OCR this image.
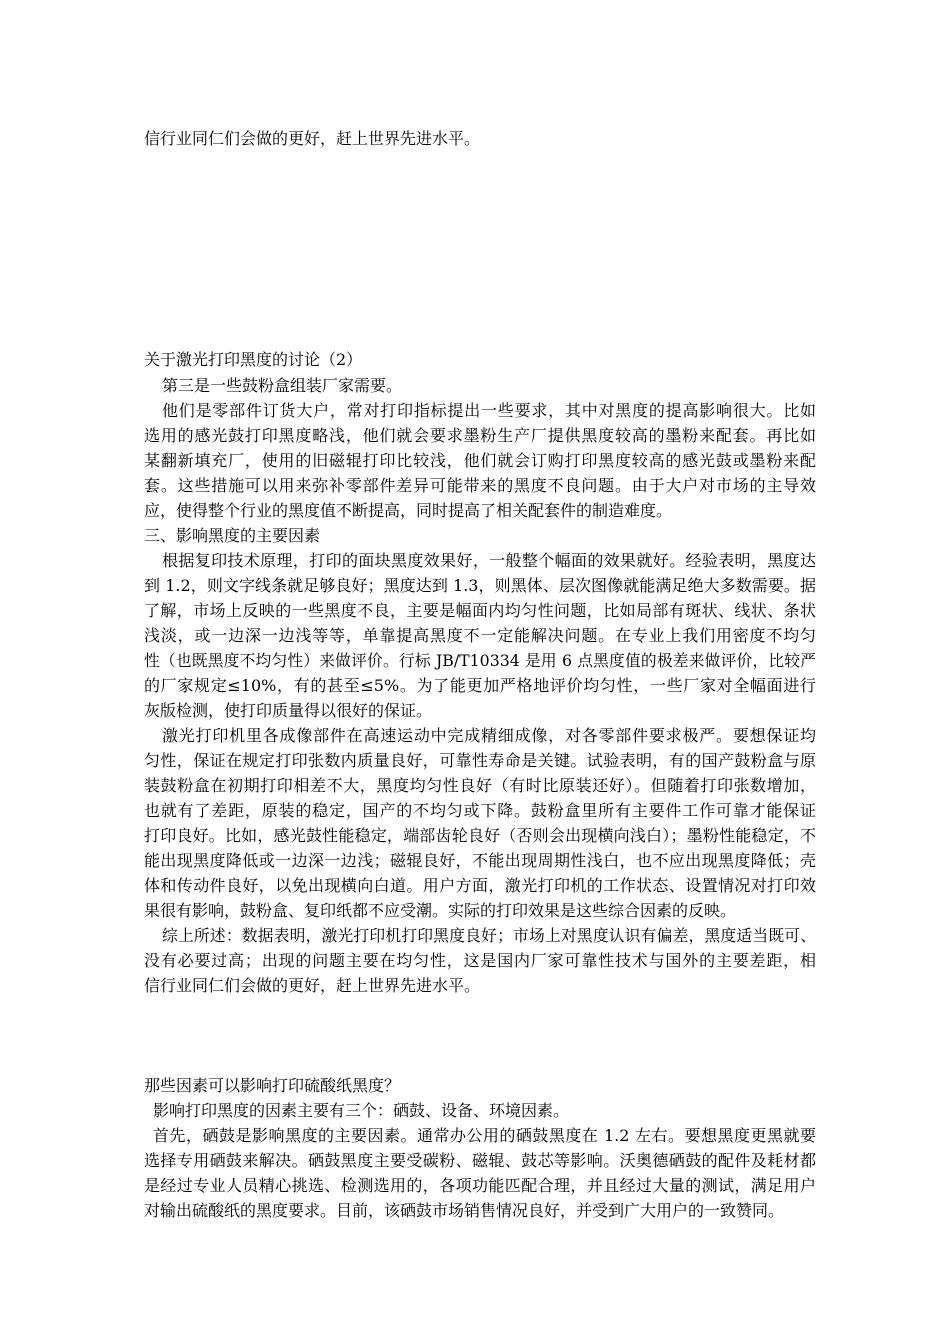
信行业同仁们会做的更好，赶上世界先进水平。
关于激光打印黑度的讨论（2）
第三是一些鼓粉盒组装厂家需要。
他们是零部件订货大户，常对打印指标提出一些要求，其中对黑度的提高影响很大。比如
选用的感光鼓打印黑度略浅，他们就会要求墨粉生产厂提供黑度较高的墨粉来配套。再比如
某翻新填充厂，使用的旧磁辊打印比较浅，他们就会订购打印黑度较高的感光鼓或墨粉来配
套。这些措施可以用来弥补零部件差异可能带来的黑度不良问题。由于大户对市场的主导效
应，使得整个行业的黑度值不断提高，同时提高了相关配套件的制造难度。
三、影响黑度的主要因素
根据复印技术原理，打印的面块黑度效果好，一般整个幅面的效果就好。经验表明，黑度达
到 1.2，则文字线条就足够良好；黑度达到 1.3，则黑体、层次图像就能满足绝大多数需要。据
了解，市场上反映的一些黑度不良，主要是幅面内均匀性问题，比如局部有斑状、线状、条状
浅淡，或一边深一边浅等等，单靠提高黑度不一定能解决问题。在专业上我们用密度不均匀
性（也既黑度不均匀性）来做评价。行标 JB/T10334 是用 6 点黑度值的极差来做评价，比较严
的厂家规定≤10%，有的甚至≤5%。为了能更加严格地评价均匀性，一些厂家对全幅面进行
灰版检测，使打印质量得以很好的保证。
激光打印机里各成像部件在高速运动中完成精细成像，对各零部件要求极严。要想保证均
匀性，保证在规定打印张数内质量良好，可靠性寿命是关键。试验表明，有的国产鼓粉盒与原
装鼓粉盒在初期打印相差不大，黑度均匀性良好（有时比原装还好）。但随着打印张数增加，
也就有了差距，原装的稳定，国产的不均匀或下降。鼓粉盒里所有主要件工作可靠才能保证
打印良好。比如，感光鼓性能稳定，端部齿轮良好（否则会出现横向浅白）；墨粉性能稳定，不
能出现黑度降低或一边深一边浅；磁辊良好，不能出现周期性浅白，也不应出现黑度降低；壳
体和传动件良好，以免出现横向白道。用户方面，激光打印机的工作状态、设置情况对打印效
果很有影响，鼓粉盒、复印纸都不应受潮。实际的打印效果是这些综合因素的反映。
综上所述：数据表明，激光打印机打印黑度良好；市场上对黑度认识有偏差，黑度适当既可、
没有必要过高；出现的问题主要在均匀性，这是国内厂家可靠性技术与国外的主要差距，相
信行业同仁们会做的更好，赶上世界先进水平。
那些因素可以影响打印硫酸纸黑度？
影响打印黑度的因素主要有三个：硒鼓、设备、环境因素。
首先，硒鼓是影响黑度的主要因素。通常办公用的硒鼓黑度在 1.2 左右。要想黑度更黑就要
选择专用硒鼓来解决。硒鼓黑度主要受碳粉、磁辊、鼓芯等影响。沃奥德硒鼓的配件及耗材都
是经过专业人员精心挑选、检测选用的，各项功能匹配合理，并且经过大量的测试，满足用户
对输出硫酸纸的黑度要求。目前，该硒鼓市场销售情况良好，并受到广大用户的一致赞同。
